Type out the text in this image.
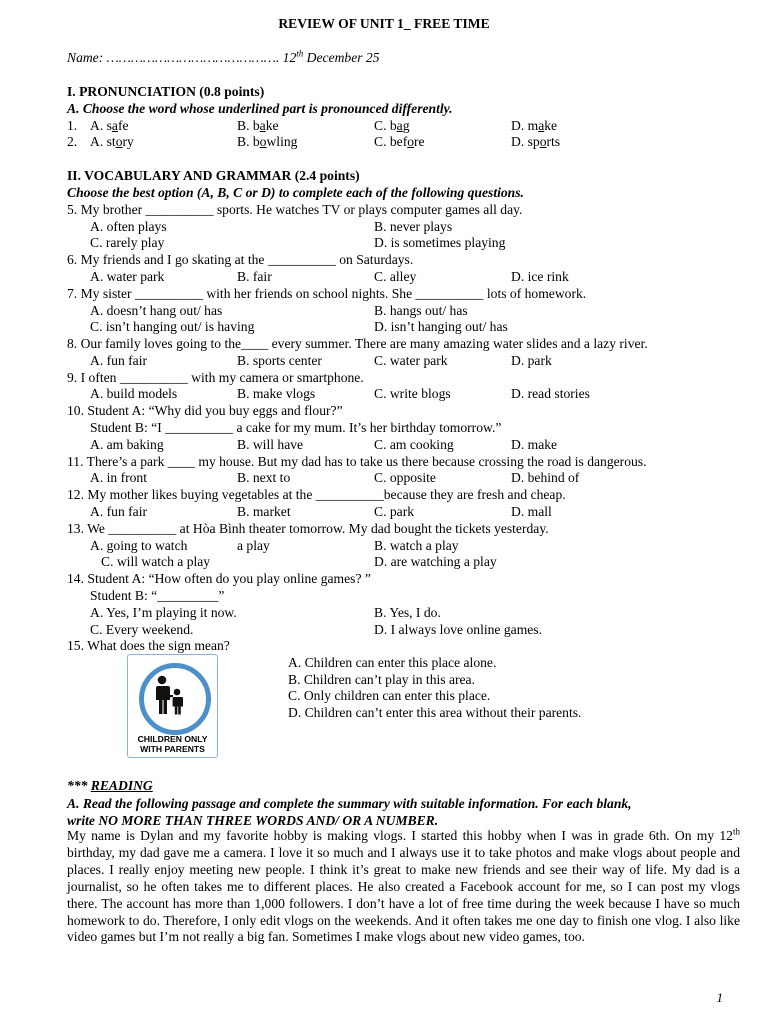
REVIEW OF UNIT 1_ FREE TIME
Name: ……………………………………. 12th December 25
I. PRONUNCIATION (0.8 points)
A. Choose the word whose underlined part is pronounced differently.
1. A. safe	B. bake	C. bag	D. make
2. A. story	B. bowling	C. before	D. sports
II. VOCABULARY AND GRAMMAR (2.4 points)
Choose the best option (A, B, C or D) to complete each of the following questions.
5. My brother __________ sports. He watches TV or plays computer games all day.
A. often plays	B. never plays
C. rarely play	D. is sometimes playing
6. My friends and I go skating at the __________ on Saturdays.
A. water park	B. fair	C. alley	D. ice rink
7. My sister __________ with her friends on school nights. She __________ lots of homework.
A. doesn’t hang out/ has	B. hangs out/ has
C. isn’t hanging out/ is having	D. isn’t hanging out/ has
8. Our family loves going to the____ every summer. There are many amazing water slides and a lazy river.
A. fun fair	B. sports center	C. water park	D. park
9. I often __________ with my camera or smartphone.
A. build models	B. make vlogs	C. write blogs	D. read stories
10. Student A: “Why did you buy eggs and flour?”
Student B: “I __________ a cake for my mum. It’s her birthday tomorrow.”
A. am baking	B. will have	C. am cooking	D. make
11. There’s a park ____ my house. But my dad has to take us there because crossing the road is dangerous.
A. in front	B. next to	C. opposite	D. behind of
12. My mother likes buying vegetables at the __________because they are fresh and cheap.
A. fun fair	B. market	C. park	D. mall
13. We __________ at Hòa Bình theater tomorrow. My dad bought the tickets yesterday.
A. going to watch	a play	B. watch a play
C. will watch a play	D. are watching a play
14. Student A: “How often do you play online games? ”
Student B: “_________”
A. Yes, I’m playing it now.	B. Yes, I do.
C. Every weekend.	D. I always love online games.
15. What does the sign mean?
CHILDREN ONLY
WITH PARENTS
A. Children can enter this place alone.
B. Children can’t play in this area.
C. Only children can enter this place.
D. Children can’t enter this area without their parents.
*** READING
A. Read the following passage and complete the summary with suitable information. For each blank,
write NO MORE THAN THREE WORDS AND/ OR A NUMBER.
My name is Dylan and my favorite hobby is making vlogs. I started this hobby when I was in grade 6th. On my 12th birthday, my dad gave me a camera. I love it so much and I always use it to take photos and make vlogs about people and places. I really enjoy meeting new people. I think it’s great to make new friends and see their way of life. My dad is a journalist, so he often takes me to different places. He also created a Facebook account for me, so I can post my vlogs there. The account has more than 1,000 followers. I don’t have a lot of free time during the week because I have so much homework to do. Therefore, I only edit vlogs on the weekends. And it often takes me one day to finish one vlog. I also like video games but I’m not really a big fan. Sometimes I make vlogs about new video games, too.
1
